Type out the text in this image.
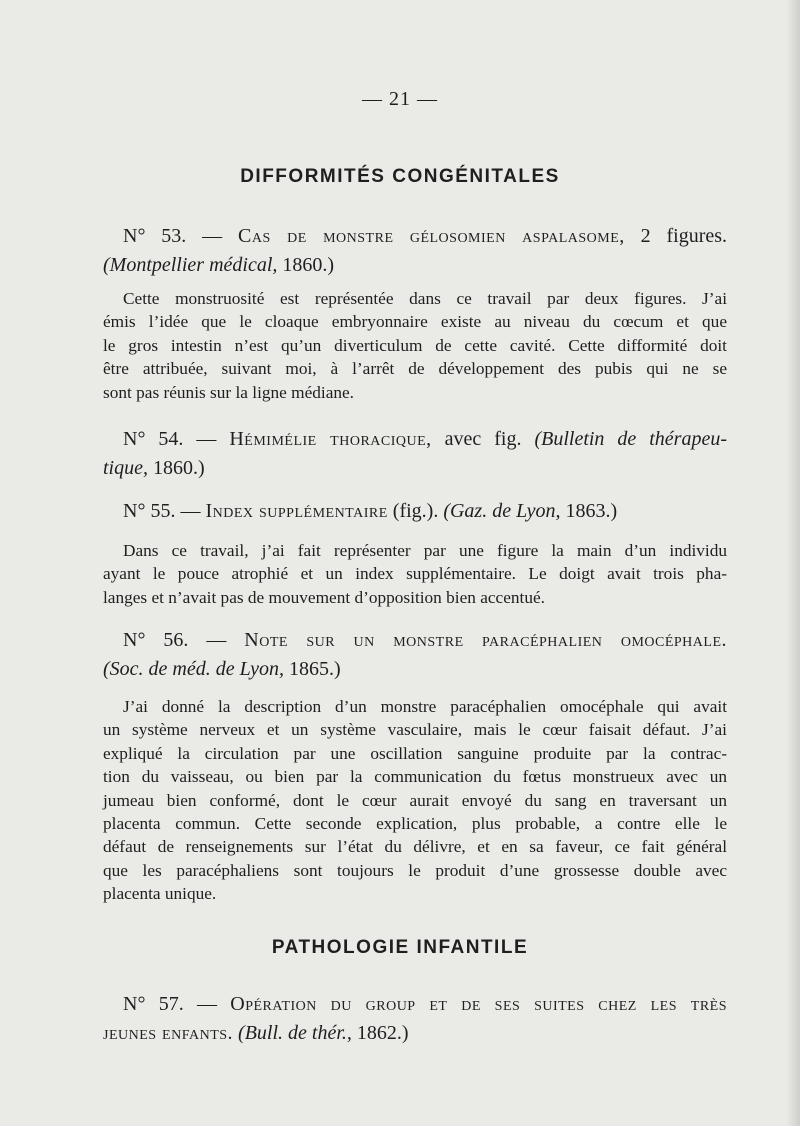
— 21 —
DIFFORMITÉS CONGÉNITALES
N° 53. — Cas de monstre gélosomien aspalasome, 2 figures.
(Montpellier médical, 1860.)
Cette monstruosité est représentée dans ce travail par deux figures. J’ai
émis l’idée que le cloaque embryonnaire existe au niveau du cœcum et que
le gros intestin n’est qu’un diverticulum de cette cavité. Cette difformité doit
être attribuée, suivant moi, à l’arrêt de développement des pubis qui ne se
sont pas réunis sur la ligne médiane.
N° 54. — Hémimélie thoracique, avec fig. (Bulletin de thérapeu-
tique, 1860.)
N° 55. — Index supplémentaire (fig.). (Gaz. de Lyon, 1863.)
Dans ce travail, j’ai fait représenter par une figure la main d’un individu
ayant le pouce atrophié et un index supplémentaire. Le doigt avait trois pha-
langes et n’avait pas de mouvement d’opposition bien accentué.
N° 56. — Note sur un monstre paracéphalien omocéphale.
(Soc. de méd. de Lyon, 1865.)
J’ai donné la description d’un monstre paracéphalien omocéphale qui avait
un système nerveux et un système vasculaire, mais le cœur faisait défaut. J’ai
expliqué la circulation par une oscillation sanguine produite par la contrac-
tion du vaisseau, ou bien par la communication du fœtus monstrueux avec un
jumeau bien conformé, dont le cœur aurait envoyé du sang en traversant un
placenta commun. Cette seconde explication, plus probable, a contre elle le
défaut de renseignements sur l’état du délivre, et en sa faveur, ce fait général
que les paracéphaliens sont toujours le produit d’une grossesse double avec
placenta unique.
PATHOLOGIE INFANTILE
N° 57. — Opération du group et de ses suites chez les très
jeunes enfants. (Bull. de thér., 1862.)
